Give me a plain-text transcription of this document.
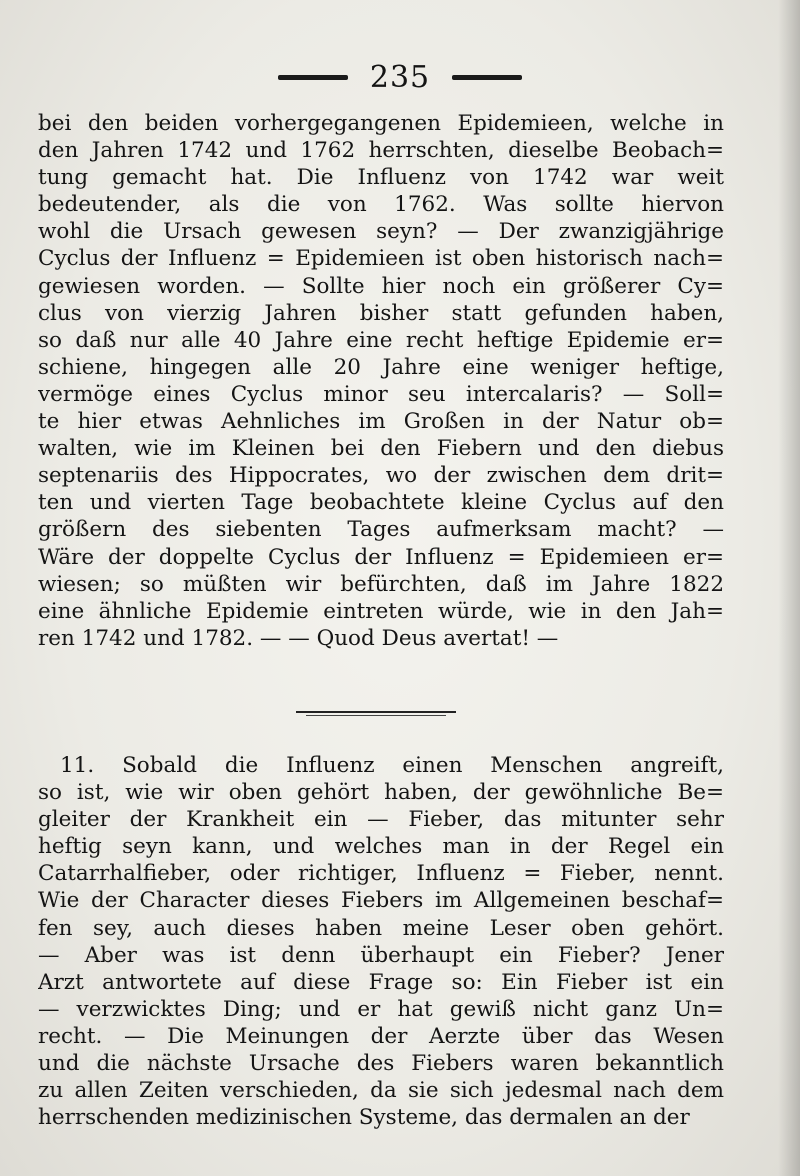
235
bei den beiden vorhergegangenen Epidemieen, welche in
den Jahren 1742 und 1762 herrschten, dieselbe Beobach=
tung gemacht hat. Die Influenz von 1742 war weit
bedeutender, als die von 1762. Was sollte hiervon
wohl die Ursach gewesen seyn? — Der zwanzigjährige
Cyclus der Influenz = Epidemieen ist oben historisch nach=
gewiesen worden. — Sollte hier noch ein größerer Cy=
clus von vierzig Jahren bisher statt gefunden haben,
so daß nur alle 40 Jahre eine recht heftige Epidemie er=
schiene, hingegen alle 20 Jahre eine weniger heftige,
vermöge eines Cyclus minor seu intercalaris? — Soll=
te hier etwas Aehnliches im Großen in der Natur ob=
walten, wie im Kleinen bei den Fiebern und den diebus
septenariis des Hippocrates, wo der zwischen dem drit=
ten und vierten Tage beobachtete kleine Cyclus auf den
größern des siebenten Tages aufmerksam macht? —
Wäre der doppelte Cyclus der Influenz = Epidemieen er=
wiesen; so müßten wir befürchten, daß im Jahre 1822
eine ähnliche Epidemie eintreten würde, wie in den Jah=
ren 1742 und 1782. — — Quod Deus avertat! —
11. Sobald die Influenz einen Menschen angreift,
so ist, wie wir oben gehört haben, der gewöhnliche Be=
gleiter der Krankheit ein — Fieber, das mitunter sehr
heftig seyn kann, und welches man in der Regel ein
Catarrhalfieber, oder richtiger, Influenz = Fieber, nennt.
Wie der Character dieses Fiebers im Allgemeinen beschaf=
fen sey, auch dieses haben meine Leser oben gehört.
— Aber was ist denn überhaupt ein Fieber? Jener
Arzt antwortete auf diese Frage so: Ein Fieber ist ein
— verzwicktes Ding; und er hat gewiß nicht ganz Un=
recht. — Die Meinungen der Aerzte über das Wesen
und die nächste Ursache des Fiebers waren bekanntlich
zu allen Zeiten verschieden, da sie sich jedesmal nach dem
herrschenden medizinischen Systeme, das dermalen an der
